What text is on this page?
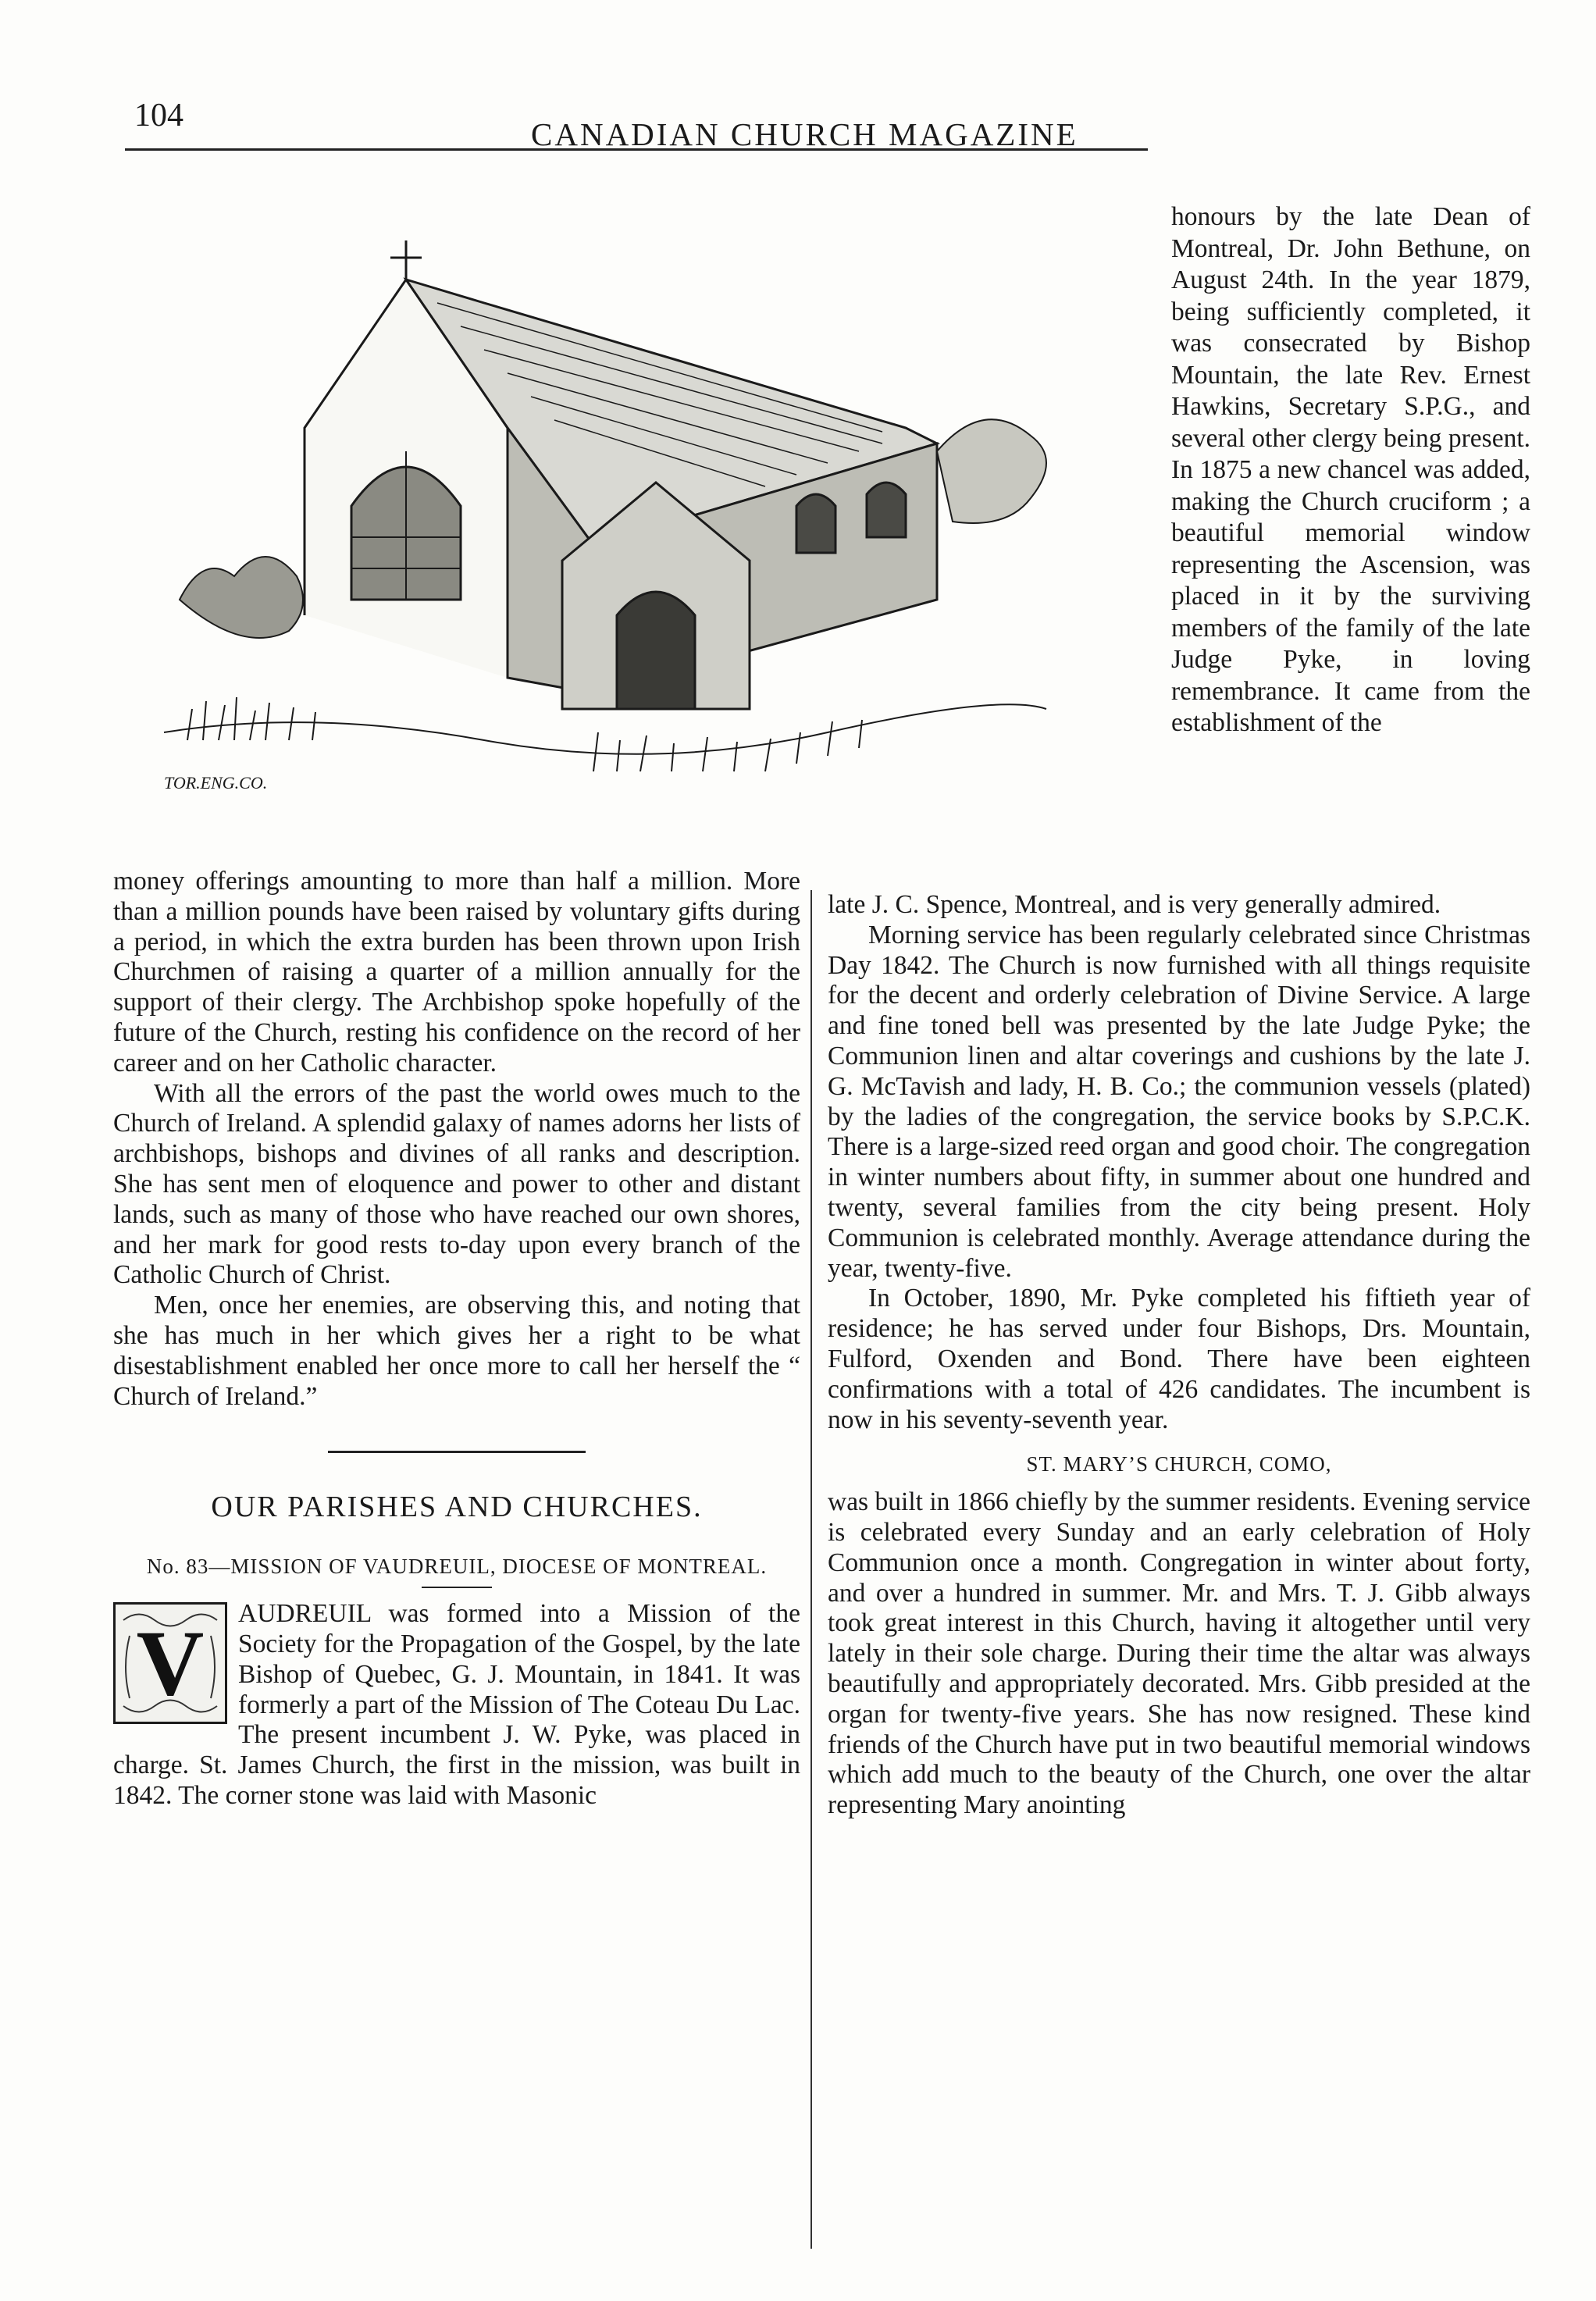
104
CANADIAN CHURCH MAGAZINE
TOR.ENG.CO.

honours by the late Dean of Montreal, Dr. John Bethune, on August 24th. In the year 1879, being sufficiently completed, it was consecrated by Bishop Mountain, the late Rev. Ernest Hawkins, Secretary S.P.G., and several other clergy being present. In 1875 a new chancel was added, making the Church cruciform ; a beautiful memorial window representing the Ascension, was placed in it by the surviving members of the family of the late Judge Pyke, in loving remembrance. It came from the establishment of the

money offerings amounting to more than half a million. More than a million pounds have been raised by voluntary gifts during a period, in which the extra burden has been thrown upon Irish Churchmen of raising a quarter of a million annually for the support of their clergy. The Archbishop spoke hopefully of the future of the Church, resting his confidence on the record of her career and on her Catholic character.

With all the errors of the past the world owes much to the Church of Ireland. A splendid galaxy of names adorns her lists of archbishops, bishops and divines of all ranks and description. She has sent men of eloquence and power to other and distant lands, such as many of those who have reached our own shores, and her mark for good rests to-day upon every branch of the Catholic Church of Christ.

Men, once her enemies, are observing this, and noting that she has much in her which gives her a right to be what disestablishment enabled her once more to call her herself the “ Church of Ireland.”

OUR PARISHES AND CHURCHES.
No. 83—MISSION OF VAUDREUIL, DIOCESE OF MONTREAL.

V	AUDREUIL was formed into a Mission of the Society for the Propagation of the Gospel, by the late Bishop of Quebec, G. J. Mountain, in 1841. It was formerly a part of the Mission of The Coteau Du Lac. The present incumbent J. W. Pyke, was placed in charge. St. James Church, the first in the mission, was built in 1842. The corner stone was laid with Masonic

late J. C. Spence, Montreal, and is very generally admired.

Morning service has been regularly celebrated since Christmas Day 1842. The Church is now furnished with all things requisite for the decent and orderly celebration of Divine Service. A large and fine toned bell was presented by the late Judge Pyke; the Communion linen and altar coverings and cushions by the late J. G. McTavish and lady, H. B. Co.; the communion vessels (plated) by the ladies of the congregation, the service books by S.P.C.K. There is a large-sized reed organ and good choir. The congregation in winter numbers about fifty, in summer about one hundred and twenty, several families from the city being present. Holy Communion is celebrated monthly. Average attendance during the year, twenty-five.

In October, 1890, Mr. Pyke completed his fiftieth year of residence; he has served under four Bishops, Drs. Mountain, Fulford, Oxenden and Bond. There have been eighteen confirmations with a total of 426 candidates. The incumbent is now in his seventy-seventh year.

ST. MARY’S CHURCH, COMO,

was built in 1866 chiefly by the summer residents. Evening service is celebrated every Sunday and an early celebration of Holy Communion once a month. Congregation in winter about forty, and over a hundred in summer. Mr. and Mrs. T. J. Gibb always took great interest in this Church, having it altogether until very lately in their sole charge. During their time the altar was always beautifully and appropriately decorated. Mrs. Gibb presided at the organ for twenty-five years. She has now resigned. These kind friends of the Church have put in two beautiful memorial windows which add much to the beauty of the Church, one over the altar representing Mary anointing
